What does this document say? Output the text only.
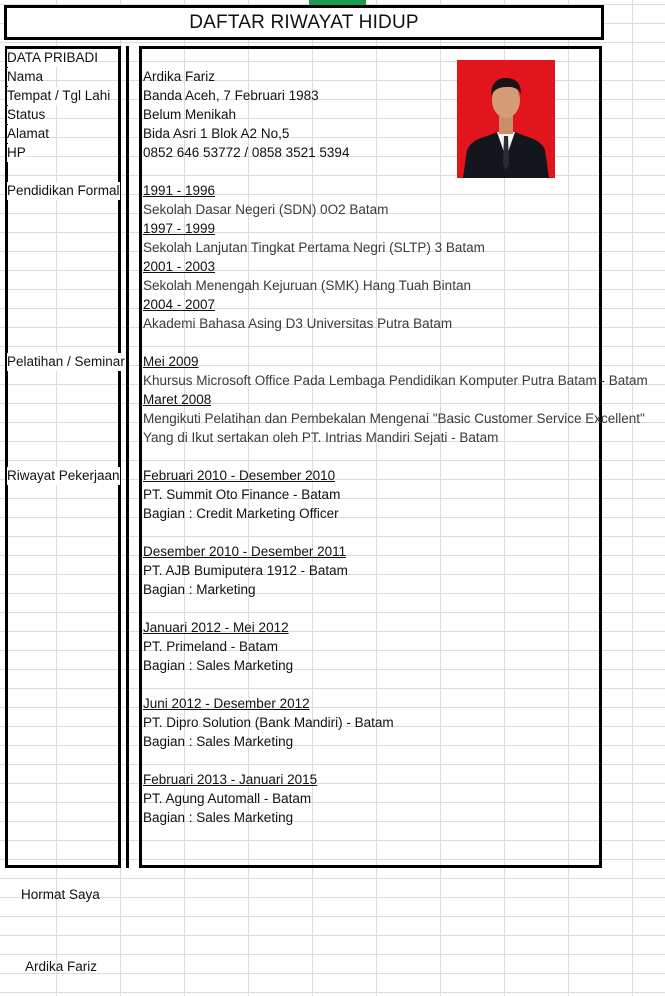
DAFTAR RIWAYAT HIDUP
DATA PRIBADI
Nama
Tempat / Tgl Lahi
Status
Alamat
HP
Ardika Fariz
Banda Aceh, 7 Februari 1983
Belum Menikah
Bida Asri 1 Blok A2 No,5
0852 646 53772 / 0858 3521 5394
Pendidikan Formal 1991 - 1996
Sekolah Dasar Negeri (SDN) 0O2 Batam
1997 - 1999
Sekolah Lanjutan Tingkat Pertama Negri (SLTP) 3 Batam
2001 - 2003
Sekolah Menengah Kejuruan (SMK) Hang Tuah Bintan
2004 - 2007
Akademi Bahasa Asing D3 Universitas Putra Batam
Pelatihan / Seminar Mei 2009
Khursus Microsoft Office Pada Lembaga Pendidikan Komputer Putra Batam - Batam
Maret 2008
Mengikuti Pelatihan dan Pembekalan Mengenai "Basic Customer Service Excellent"
Yang di Ikut sertakan oleh PT. Intrias Mandiri Sejati - Batam
Riwayat Pekerjaan Februari 2010 - Desember 2010
PT. Summit Oto Finance - Batam
Bagian : Credit Marketing Officer
Desember 2010 - Desember 2011
PT. AJB Bumiputera 1912 - Batam
Bagian : Marketing
Januari 2012 - Mei 2012
PT. Primeland - Batam
Bagian : Sales Marketing
Juni 2012 - Desember 2012
PT. Dipro Solution (Bank Mandiri) - Batam
Bagian : Sales Marketing
Februari 2013 - Januari 2015
PT. Agung Automall - Batam
Bagian : Sales Marketing
Hormat Saya
Ardika Fariz
